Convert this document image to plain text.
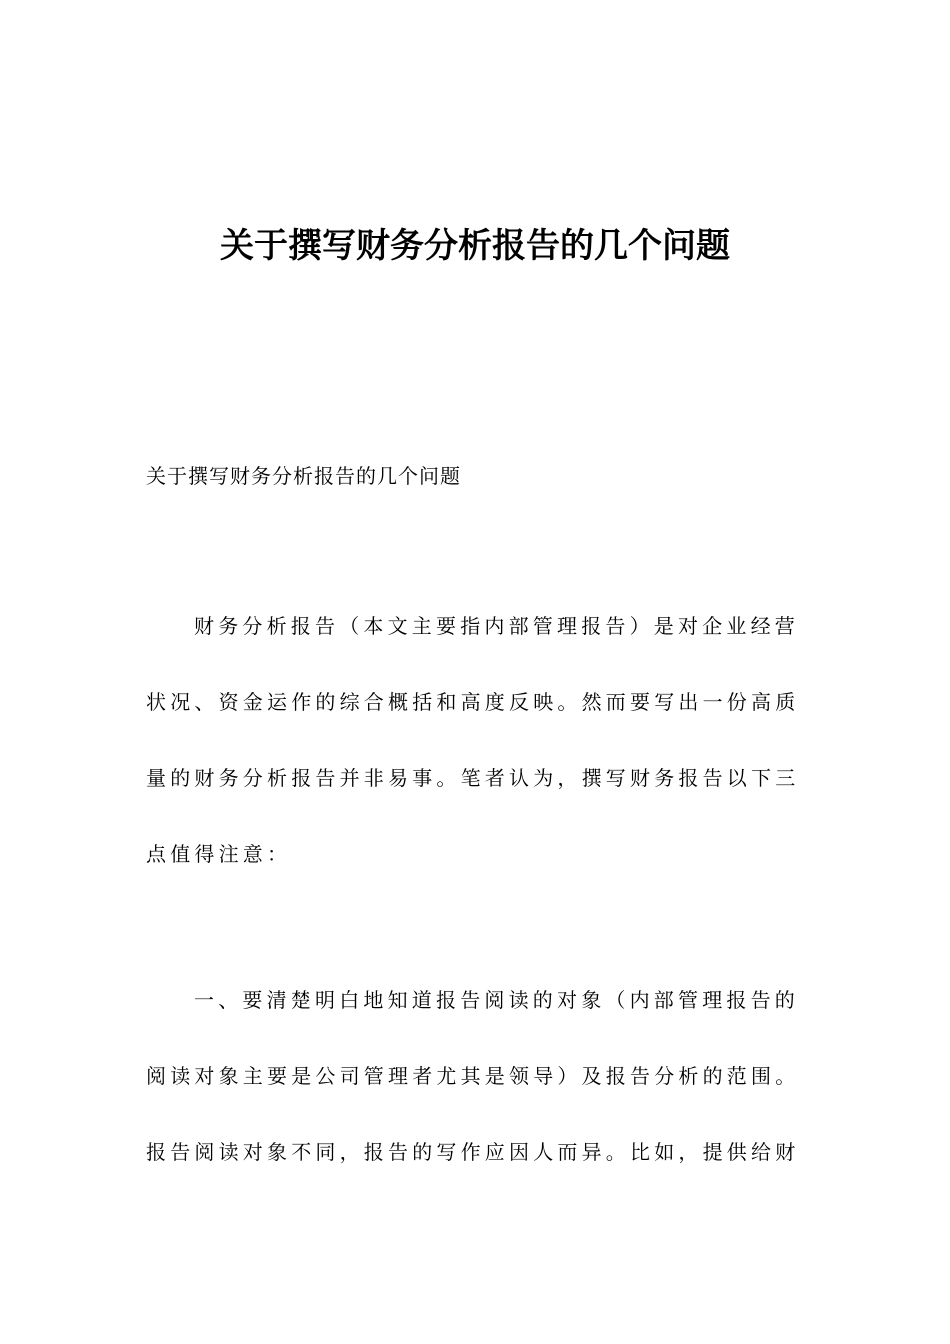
关于撰写财务分析报告的几个问题

关于撰写财务分析报告的几个问题

财务分析报告（本文主要指内部管理报告）是对企业经营
状况、资金运作的综合概括和高度反映。然而要写出一份高质
量的财务分析报告并非易事。笔者认为，撰写财务报告以下三
点值得注意：
一、要清楚明白地知道报告阅读的对象（内部管理报告的
阅读对象主要是公司管理者尤其是领导）及报告分析的范围。
报告阅读对象不同，报告的写作应因人而异。比如，提供给财
